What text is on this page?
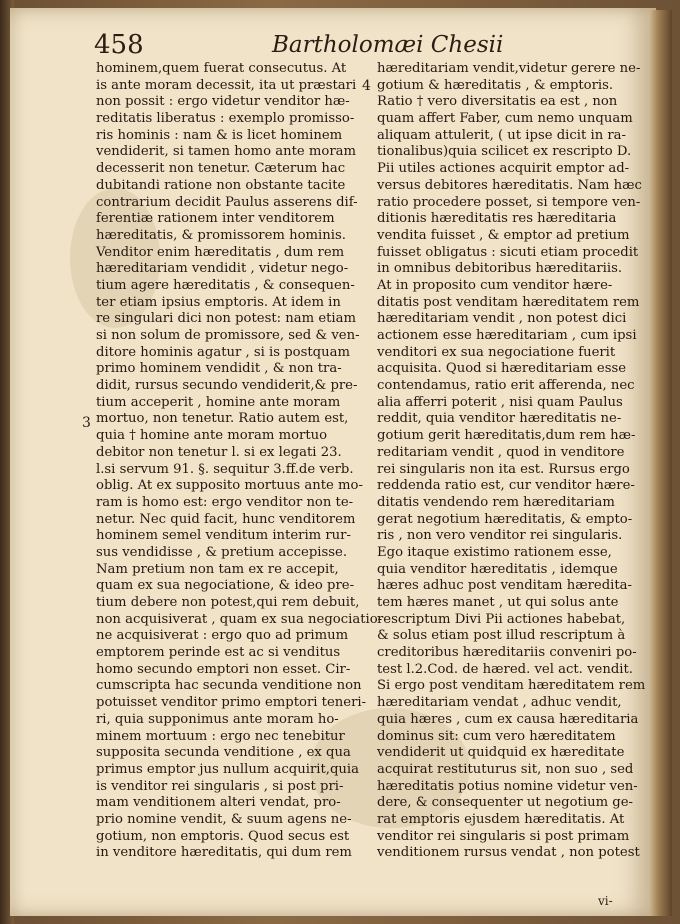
458	Bartholomæi Chesii
3
4
hominem,quem fuerat consecutus. At
is ante moram decessit, ita ut præstari
non possit : ergo videtur venditor hæ-
reditatis liberatus : exemplo promisso-
ris hominis : nam & is licet hominem
vendiderit, si tamen homo ante moram
decesserit non tenetur. Cæterum hac
dubitandi ratione non obstante tacite
contrarium decidit Paulus asserens dif-
ferentiæ rationem inter venditorem
hæreditatis, & promissorem hominis.
Venditor enim hæreditatis , dum rem
hæreditariam vendidit , videtur nego-
tium agere hæreditatis , & consequen-
ter etiam ipsius emptoris. At idem in
re singulari dici non potest: nam etiam
si non solum de promissore, sed & ven-
ditore hominis agatur , si is postquam
primo hominem vendidit , & non tra-
didit, rursus secundo vendiderit,& pre-
tium acceperit , homine ante moram
mortuo, non tenetur. Ratio autem est,
quia † homine ante moram mortuo
debitor non tenetur l. si ex legati 23.
l.si servum 91. §. sequitur 3.ff.de verb.
oblig. At ex supposito mortuus ante mo-
ram is homo est: ergo venditor non te-
netur. Nec quid facit, hunc venditorem
hominem semel venditum interim rur-
sus vendidisse , & pretium accepisse.
Nam pretium non tam ex re accepit,
quam ex sua negociatione, & ideo pre-
tium debere non potest,qui rem debuit,
non acquisiverat , quam ex sua negociatio-
ne acquisiverat : ergo quo ad primum
emptorem perinde est ac si venditus
homo secundo emptori non esset. Cir-
cumscripta hac secunda venditione non
potuisset venditor primo emptori teneri-
ri, quia supponimus ante moram ho-
minem mortuum : ergo nec tenebitur
supposita secunda venditione , ex qua
primus emptor jus nullum acquirit,quia
is venditor rei singularis , si post pri-
mam venditionem alteri vendat, pro-
prio nomine vendit, & suum agens ne-
gotium, non emptoris. Quod secus est
in venditore hæreditatis, qui dum rem
hæreditariam vendit,videtur gerere ne-
gotium & hæreditatis , & emptoris.
Ratio † vero diversitatis ea est , non
quam affert Faber, cum nemo unquam
aliquam attulerit, ( ut ipse dicit in ra-
tionalibus)quia scilicet ex rescripto D.
Pii utiles actiones acquirit emptor ad-
versus debitores hæreditatis. Nam hæc
ratio procedere posset, si tempore ven-
ditionis hæreditatis res hæreditaria
vendita fuisset , & emptor ad pretium
fuisset obligatus : sicuti etiam procedit
in omnibus debitoribus hæreditariis.
At in proposito cum venditor hære-
ditatis post venditam hæreditatem rem
hæreditariam vendit , non potest dici
actionem esse hæreditariam , cum ipsi
venditori ex sua negociatione fuerit
acquisita. Quod si hæreditariam esse
contendamus, ratio erit afferenda, nec
alia afferri poterit , nisi quam Paulus
reddit, quia venditor hæreditatis ne-
gotium gerit hæreditatis,dum rem hæ-
reditariam vendit , quod in venditore
rei singularis non ita est. Rursus ergo
reddenda ratio est, cur venditor hære-
ditatis vendendo rem hæreditariam
gerat negotium hæreditatis, & empto-
ris , non vero venditor rei singularis.
Ego itaque existimo rationem esse,
quia venditor hæreditatis , idemque
hæres adhuc post venditam hæredita-
tem hæres manet , ut qui solus ante
rescriptum Divi Pii actiones habebat,
& solus etiam post illud rescriptum à
creditoribus hæreditariis conveniri po-
test l.2.Cod. de hæred. vel act. vendit.
Si ergo post venditam hæreditatem rem
hæreditariam vendat , adhuc vendit,
quia hæres , cum ex causa hæreditaria
dominus sit: cum vero hæreditatem
vendiderit ut quidquid ex hæreditate
acquirat restituturus sit, non suo , sed
hæreditatis potius nomine videtur ven-
dere, & consequenter ut negotium ge-
rat emptoris ejusdem hæreditatis. At
venditor rei singularis si post primam
venditionem rursus vendat , non potest
vi-
